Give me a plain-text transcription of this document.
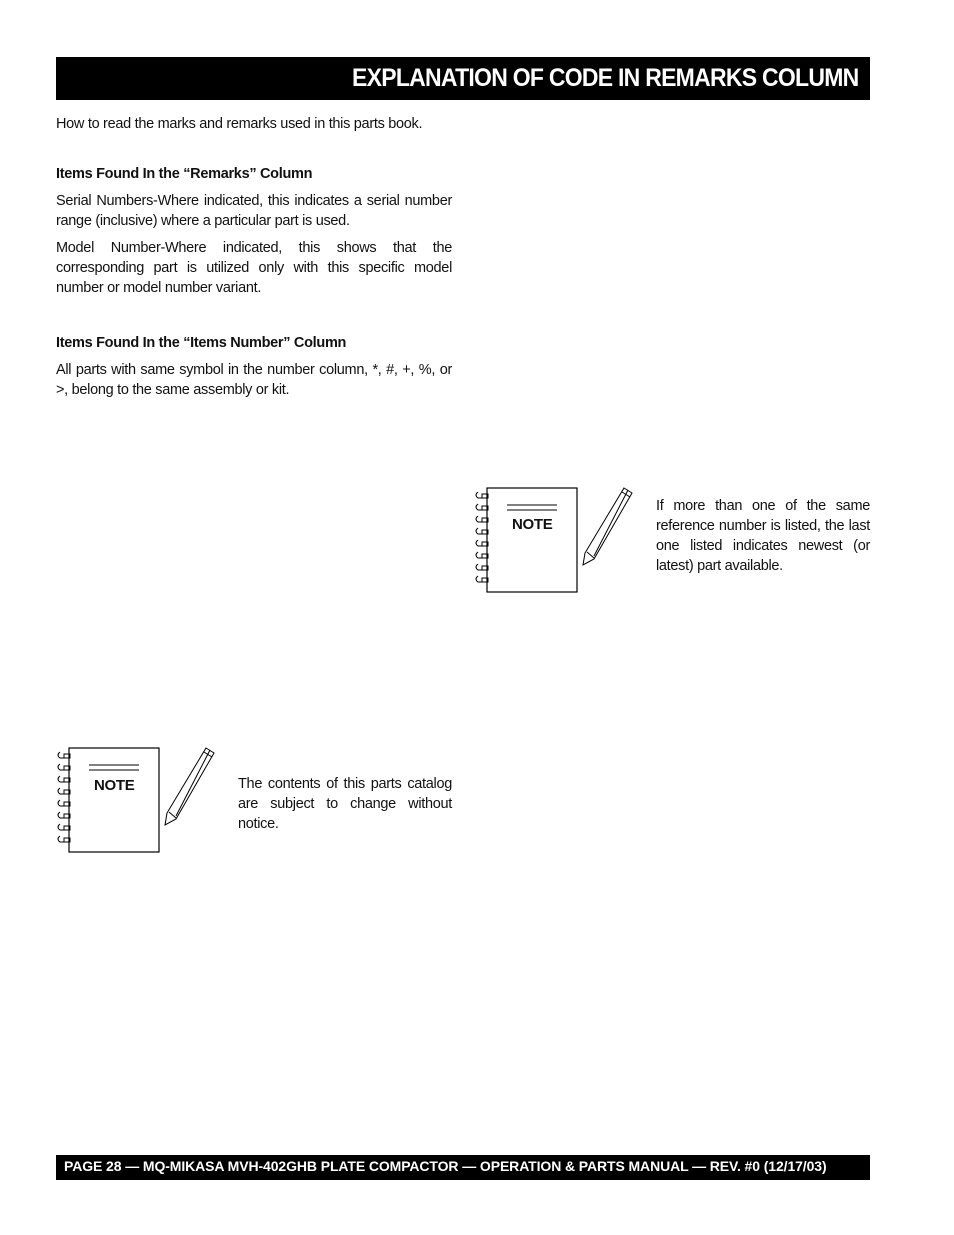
EXPLANATION OF CODE IN REMARKS COLUMN
How to read the marks and remarks used in this parts book.
Items Found In the “Remarks” Column
Serial Numbers-Where indicated, this indicates a serial number range (inclusive) where a particular part is used.
Model Number-Where indicated, this shows that the corresponding part is utilized only with this specific model number or model number variant.
Items Found In the “Items Number” Column
All parts with same symbol in the number column, *, #, +, %, or >, belong to the same assembly or kit.
NOTE
If more than one of the same reference number is listed, the last one listed indicates newest (or latest) part available.
NOTE	The contents of this parts catalog are subject to change without notice.
PAGE 28 — MQ-MIKASA MVH-402GHB PLATE COMPACTOR — OPERATION & PARTS MANUAL — REV. #0 (12/17/03)
